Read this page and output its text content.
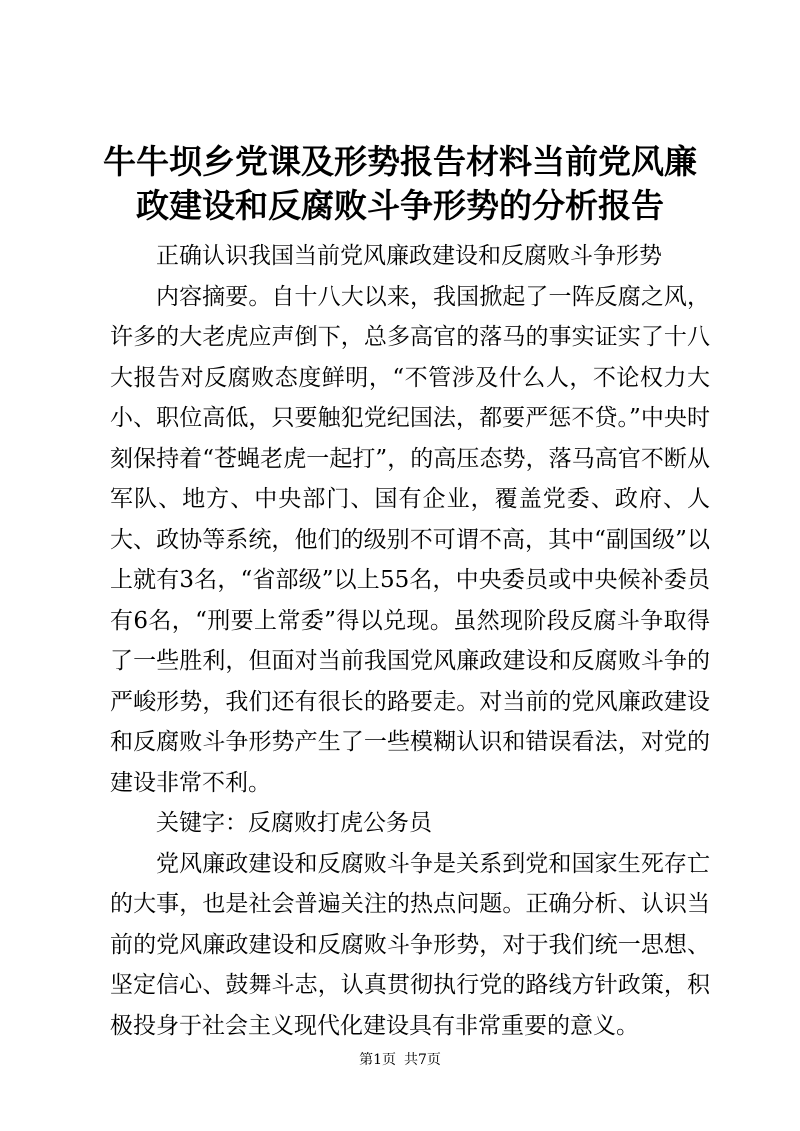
牛牛坝乡党课及形势报告材料当前党风廉政建设和反腐败斗争形势的分析报告

正确认识我国当前党风廉政建设和反腐败斗争形势

内容摘要。自十八大以来，我国掀起了一阵反腐之风，许多的大老虎应声倒下，总多高官的落马的事实证实了十八大报告对反腐败态度鲜明，“不管涉及什么人，不论权力大小、职位高低，只要触犯党纪国法，都要严惩不贷。”中央时刻保持着“苍蝇老虎一起打”，的高压态势，落马高官不断从军队、地方、中央部门、国有企业，覆盖党委、政府、人大、政协等系统，他们的级别不可谓不高，其中“副国级”以上就有3名，“省部级”以上55名，中央委员或中央候补委员有6名，“刑要上常委”得以兑现。虽然现阶段反腐斗争取得了一些胜利，但面对当前我国党风廉政建设和反腐败斗争的严峻形势，我们还有很长的路要走。对当前的党风廉政建设和反腐败斗争形势产生了一些模糊认识和错误看法，对党的建设非常不利。

关键字：反腐败打虎公务员

党风廉政建设和反腐败斗争是关系到党和国家生死存亡的大事，也是社会普遍关注的热点问题。正确分析、认识当前的党风廉政建设和反腐败斗争形势，对于我们统一思想、坚定信心、鼓舞斗志，认真贯彻执行党的路线方针政策，积极投身于社会主义现代化建设具有非常重要的意义。

第1页 共7页
